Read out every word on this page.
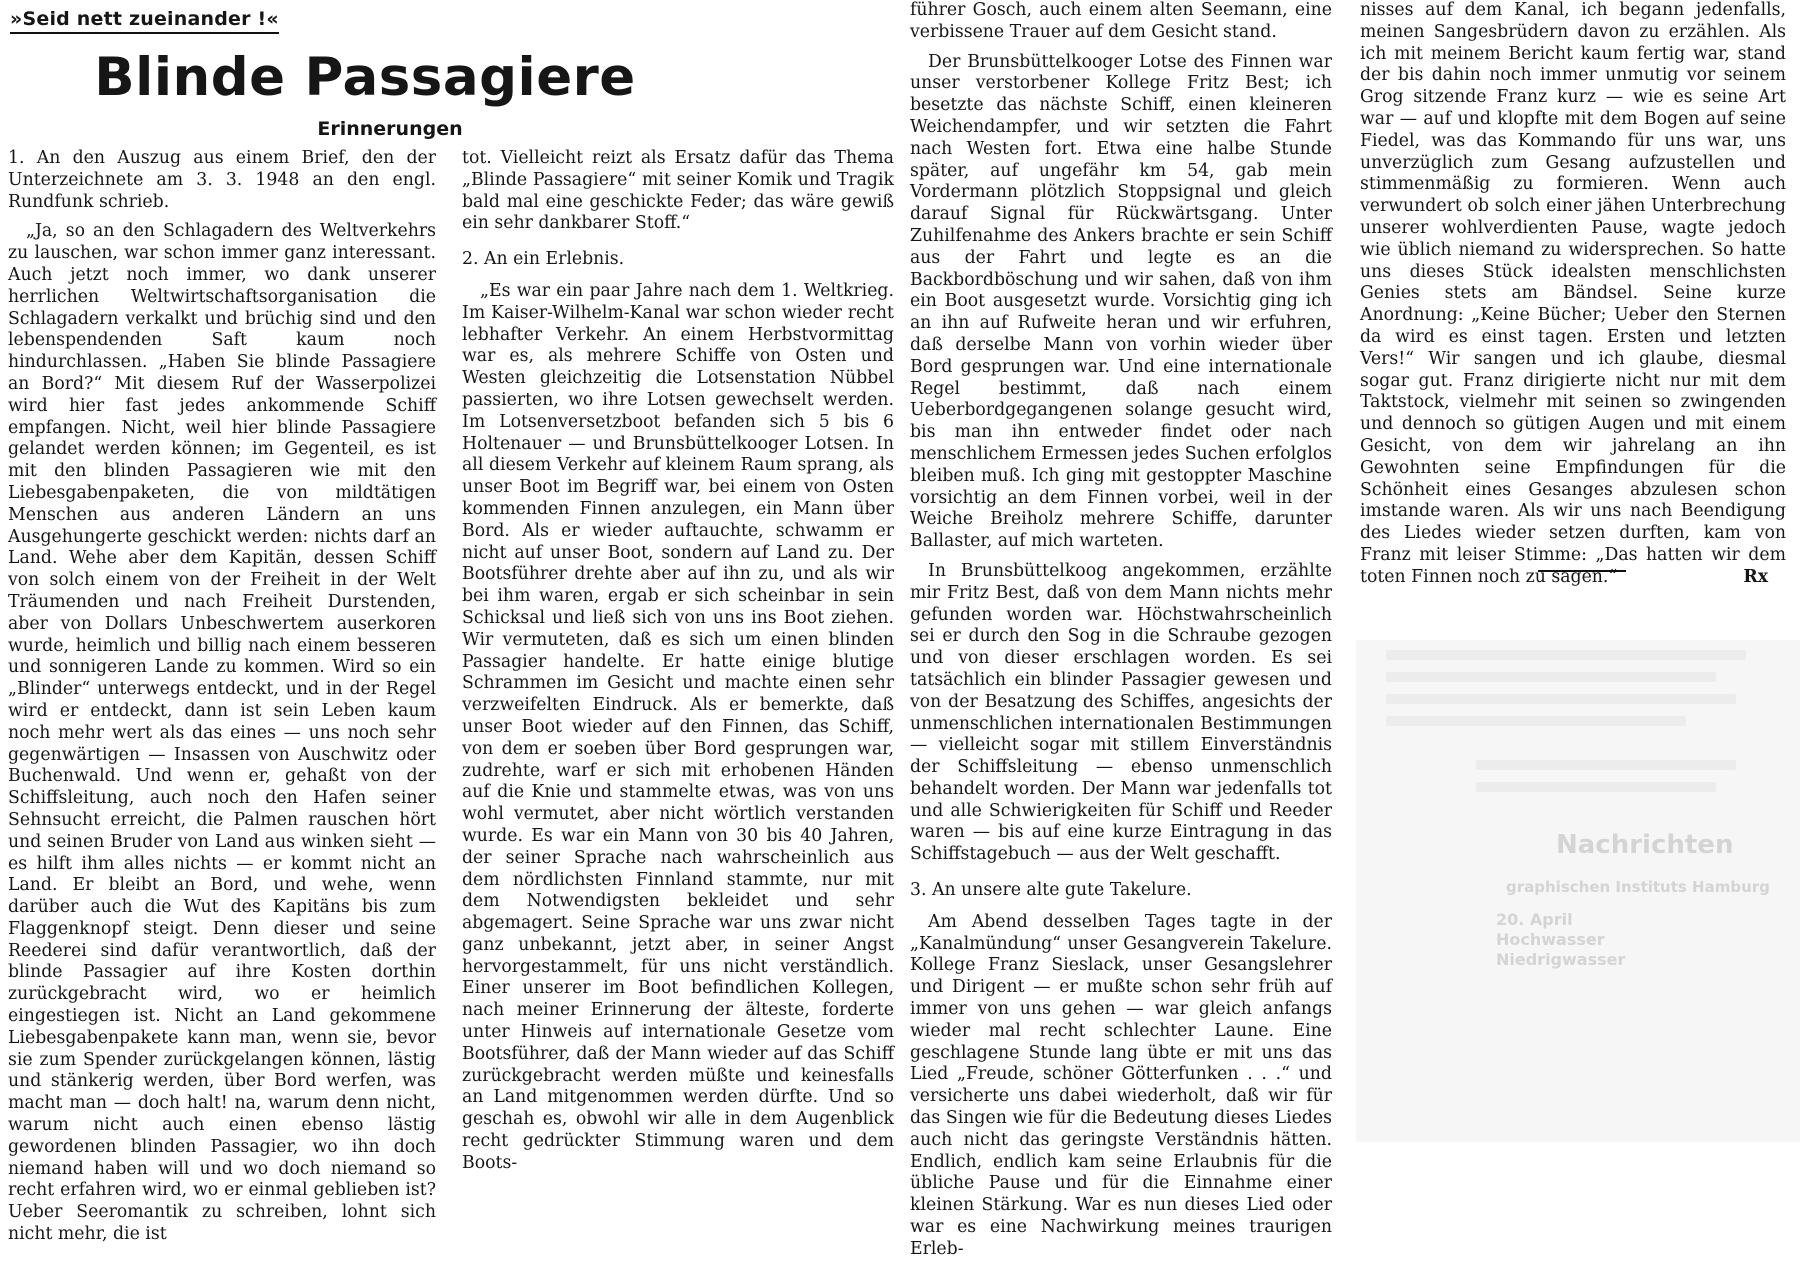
»Seid nett zueinander !«
Blinde Passagiere
Erinnerungen

1. An den Auszug aus einem Brief, den der Unterzeichnete am 3. 3. 1948 an den engl. Rundfunk schrieb.

„Ja, so an den Schlagadern des Weltverkehrs zu lauschen, war schon immer ganz interessant. Auch jetzt noch immer, wo dank unserer herrlichen Weltwirtschaftsorganisation die Schlagadern verkalkt und brüchig sind und den lebenspendenden Saft kaum noch hindurchlassen. „Haben Sie blinde Passagiere an Bord?“ Mit diesem Ruf der Wasserpolizei wird hier fast jedes ankommende Schiff empfangen. Nicht, weil hier blinde Passagiere gelandet werden können; im Gegenteil, es ist mit den blinden Passagieren wie mit den Liebesgabenpaketen, die von mildtätigen Menschen aus anderen Ländern an uns Ausgehungerte geschickt werden: nichts darf an Land. Wehe aber dem Kapitän, dessen Schiff von solch einem von der Freiheit in der Welt Träumenden und nach Freiheit Durstenden, aber von Dollars Unbeschwertem auserkoren wurde, heimlich und billig nach einem besseren und sonnigeren Lande zu kommen. Wird so ein „Blinder“ unterwegs entdeckt, und in der Regel wird er entdeckt, dann ist sein Leben kaum noch mehr wert als das eines — uns noch sehr gegenwärtigen — Insassen von Auschwitz oder Buchenwald. Und wenn er, gehaßt von der Schiffsleitung, auch noch den Hafen seiner Sehnsucht erreicht, die Palmen rauschen hört und seinen Bruder von Land aus winken sieht — es hilft ihm alles nichts — er kommt nicht an Land. Er bleibt an Bord, und wehe, wenn darüber auch die Wut des Kapitäns bis zum Flaggenknopf steigt. Denn dieser und seine Reederei sind dafür verantwortlich, daß der blinde Passagier auf ihre Kosten dorthin zurückgebracht wird, wo er heimlich eingestiegen ist. Nicht an Land gekommene Liebesgabenpakete kann man, wenn sie, bevor sie zum Spender zurückgelangen können, lästig und stänkerig werden, über Bord werfen, was macht man — doch halt! na, warum denn nicht, warum nicht auch einen ebenso lästig gewordenen blinden Passagier, wo ihn doch niemand haben will und wo doch niemand so recht erfahren wird, wo er einmal geblieben ist? Ueber Seeromantik zu schreiben, lohnt sich nicht mehr, die ist

tot. Vielleicht reizt als Ersatz dafür das Thema „Blinde Passagiere“ mit seiner Komik und Tragik bald mal eine geschickte Feder; das wäre gewiß ein sehr dankbarer Stoff.“

2. An ein Erlebnis.

„Es war ein paar Jahre nach dem 1. Weltkrieg. Im Kaiser-Wilhelm-Kanal war schon wieder recht lebhafter Verkehr. An einem Herbstvormittag war es, als mehrere Schiffe von Osten und Westen gleichzeitig die Lotsenstation Nübbel passierten, wo ihre Lotsen gewechselt werden. Im Lotsenversetzboot befanden sich 5 bis 6 Holtenauer — und Brunsbüttelkooger Lotsen. In all diesem Verkehr auf kleinem Raum sprang, als unser Boot im Begriff war, bei einem von Osten kommenden Finnen anzulegen, ein Mann über Bord. Als er wieder auftauchte, schwamm er nicht auf unser Boot, sondern auf Land zu. Der Bootsführer drehte aber auf ihn zu, und als wir bei ihm waren, ergab er sich scheinbar in sein Schicksal und ließ sich von uns ins Boot ziehen. Wir vermuteten, daß es sich um einen blinden Passagier handelte. Er hatte einige blutige Schrammen im Gesicht und machte einen sehr verzweifelten Eindruck. Als er bemerkte, daß unser Boot wieder auf den Finnen, das Schiff, von dem er soeben über Bord gesprungen war, zudrehte, warf er sich mit erhobenen Händen auf die Knie und stammelte etwas, was von uns wohl vermutet, aber nicht wörtlich verstanden wurde. Es war ein Mann von 30 bis 40 Jahren, der seiner Sprache nach wahrscheinlich aus dem nördlichsten Finnland stammte, nur mit dem Notwendigsten bekleidet und sehr abgemagert. Seine Sprache war uns zwar nicht ganz unbekannt, jetzt aber, in seiner Angst hervorgestammelt, für uns nicht verständlich. Einer unserer im Boot befindlichen Kollegen, nach meiner Erinnerung der älteste, forderte unter Hinweis auf internationale Gesetze vom Bootsführer, daß der Mann wieder auf das Schiff zurückgebracht werden müßte und keinesfalls an Land mitgenommen werden dürfte. Und so geschah es, obwohl wir alle in dem Augenblick recht gedrückter Stimmung waren und dem Boots-

führer Gosch, auch einem alten Seemann, eine verbissene Trauer auf dem Gesicht stand.

Der Brunsbüttelkooger Lotse des Finnen war unser verstorbener Kollege Fritz Best; ich besetzte das nächste Schiff, einen kleineren Weichendampfer, und wir setzten die Fahrt nach Westen fort. Etwa eine halbe Stunde später, auf ungefähr km 54, gab mein Vordermann plötzlich Stoppsignal und gleich darauf Signal für Rückwärtsgang. Unter Zuhilfenahme des Ankers brachte er sein Schiff aus der Fahrt und legte es an die Backbordböschung und wir sahen, daß von ihm ein Boot ausgesetzt wurde. Vorsichtig ging ich an ihn auf Rufweite heran und wir erfuhren, daß derselbe Mann von vorhin wieder über Bord gesprungen war. Und eine internationale Regel bestimmt, daß nach einem Ueberbordgegangenen solange gesucht wird, bis man ihn entweder findet oder nach menschlichem Ermessen jedes Suchen erfolglos bleiben muß. Ich ging mit gestoppter Maschine vorsichtig an dem Finnen vorbei, weil in der Weiche Breiholz mehrere Schiffe, darunter Ballaster, auf mich warteten.

In Brunsbüttelkoog angekommen, erzählte mir Fritz Best, daß von dem Mann nichts mehr gefunden worden war. Höchstwahrscheinlich sei er durch den Sog in die Schraube gezogen und von dieser erschlagen worden. Es sei tatsächlich ein blinder Passagier gewesen und von der Besatzung des Schiffes, angesichts der unmenschlichen internationalen Bestimmungen — vielleicht sogar mit stillem Einverständnis der Schiffsleitung — ebenso unmenschlich behandelt worden. Der Mann war jedenfalls tot und alle Schwierigkeiten für Schiff und Reeder waren — bis auf eine kurze Eintragung in das Schiffstagebuch — aus der Welt geschafft.

3. An unsere alte gute Takelure.

Am Abend desselben Tages tagte in der „Kanalmündung“ unser Gesangverein Takelure. Kollege Franz Sieslack, unser Gesangslehrer und Dirigent — er mußte schon sehr früh auf immer von uns gehen — war gleich anfangs wieder mal recht schlechter Laune. Eine geschlagene Stunde lang übte er mit uns das Lied „Freude, schöner Götterfunken . . .“ und versicherte uns dabei wiederholt, daß wir für das Singen wie für die Bedeutung dieses Liedes auch nicht das geringste Verständnis hätten. Endlich, endlich kam seine Erlaubnis für die übliche Pause und für die Einnahme einer kleinen Stärkung. War es nun dieses Lied oder war es eine Nachwirkung meines traurigen Erleb-

nisses auf dem Kanal, ich begann jedenfalls, meinen Sangesbrüdern davon zu erzählen. Als ich mit meinem Bericht kaum fertig war, stand der bis dahin noch immer unmutig vor seinem Grog sitzende Franz kurz — wie es seine Art war — auf und klopfte mit dem Bogen auf seine Fiedel, was das Kommando für uns war, uns unverzüglich zum Gesang aufzustellen und stimmenmäßig zu formieren. Wenn auch verwundert ob solch einer jähen Unterbrechung unserer wohlverdienten Pause, wagte jedoch wie üblich niemand zu widersprechen. So hatte uns dieses Stück idealsten menschlichsten Genies stets am Bändsel. Seine kurze Anordnung: „Keine Bücher; Ueber den Sternen da wird es einst tagen. Ersten und letzten Vers!“ Wir sangen und ich glaube, diesmal sogar gut. Franz dirigierte nicht nur mit dem Taktstock, vielmehr mit seinen so zwingenden und dennoch so gütigen Augen und mit einem Gesicht, von dem wir jahrelang an ihn Gewohnten seine Empfindungen für die Schönheit eines Gesanges abzulesen schon imstande waren. Als wir uns nach Beendigung des Liedes wieder setzen durften, kam von Franz mit leiser Stimme: „Das hatten wir dem toten Finnen noch zu sagen.“	Rx

Nachrichten
graphischen Instituts Hamburg
20. April
Hochwasser
Niedrigwasser
